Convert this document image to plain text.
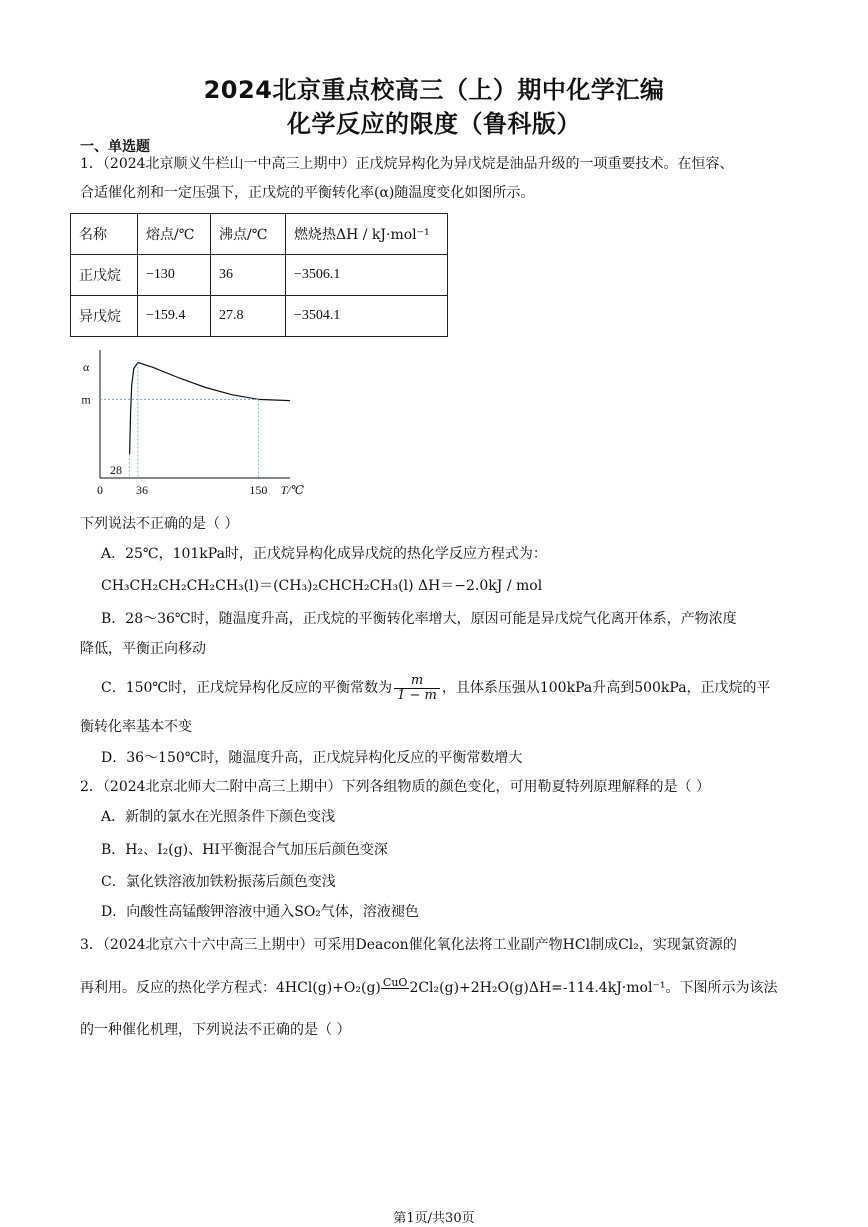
2024北京重点校高三（上）期中化学汇编
化学反应的限度（鲁科版）
一、单选题
1．（2024北京顺义牛栏山一中高三上期中）正戊烷异构化为异戊烷是油品升级的一项重要技术。在恒容、
合适催化剂和一定压强下，正戊烷的平衡转化率(α)随温度变化如图所示。
名称	熔点/℃	沸点/℃	燃烧热ΔH / kJ·mol⁻¹
正戊烷	−130	36	−3506.1
异戊烷	−159.4	27.8	−3504.1
α
m
28
0	36	150 T/℃
下列说法不正确的是（ ）
A．25℃，101kPa时，正戊烷异构化成异戊烷的热化学反应方程式为：
CH₃CH₂CH₂CH₂CH₃(l)＝(CH₃)₂CHCH₂CH₃(l) ΔH＝−2.0kJ / mol
B．28～36℃时，随温度升高，正戊烷的平衡转化率增大，原因可能是异戊烷气化离开体系，产物浓度
降低，平衡正向移动
C．150℃时，正戊烷异构化反应的平衡常数为 $\frac{m}{1 - m}$ ，且体系压强从100kPa升高到500kPa，正戊烷的平
衡转化率基本不变
D．36～150℃时，随温度升高，正戊烷异构化反应的平衡常数增大
2．（2024北京北师大二附中高三上期中）下列各组物质的颜色变化，可用勒夏特列原理解释的是（ ）
A．新制的氯水在光照条件下颜色变浅
B．H₂、I₂(g)、HI平衡混合气加压后颜色变深
C．氯化铁溶液加铁粉振荡后颜色变浅
D．向酸性高锰酸钾溶液中通入SO₂气体，溶液褪色
3．（2024北京六十六中高三上期中）可采用Deacon催化氧化法将工业副产物HCl制成Cl₂，实现氯资源的
再利用。反应的热化学方程式：4HCl(g)+O₂(g) CuO
2Cl₂(g)+2H₂O(g)ΔH=-114.4kJ·mol⁻¹。下图所示为该法
的一种催化机理，下列说法不正确的是（ ）
第1页/共30页
